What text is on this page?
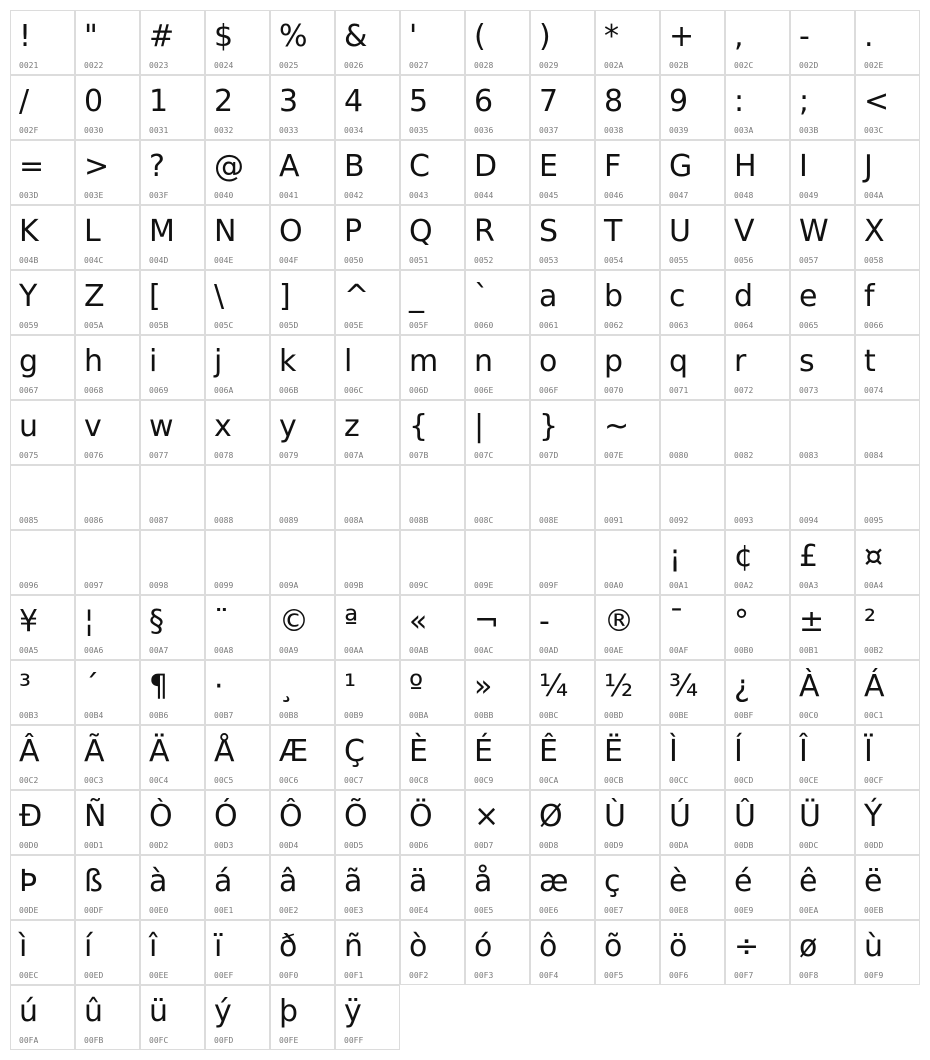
!
0021
"
0022
#
0023
$
0024
%
0025
&
0026
'
0027
(
0028
)
0029
*
002A
+
002B
,
002C
-
002D
.
002E
/
002F
0
0030
1
0031
2
0032
3
0033
4
0034
5
0035
6
0036
7
0037
8
0038
9
0039
:
003A
;
003B
<
003C
=
003D
>
003E
?
003F
@
0040
A
0041
B
0042
C
0043
D
0044
E
0045
F
0046
G
0047
H
0048
I
0049
J
004A
K
004B
L
004C
M
004D
N
004E
O
004F
P
0050
Q
0051
R
0052
S
0053
T
0054
U
0055
V
0056
W
0057
X
0058
Y
0059
Z
005A
[
005B
\
005C
]
005D
^
005E
_
005F
`
0060
a
0061
b
0062
c
0063
d
0064
e
0065
f
0066
g
0067
h
0068
i
0069
j
006A
k
006B
l
006C
m
006D
n
006E
o
006F
p
0070
q
0071
r
0072
s
0073
t
0074
u
0075
v
0076
w
0077
x
0078
y
0079
z
007A
{
007B
|
007C
}
007D
~
007E	0080	0082	0083	0084
0085	0086	0087	0088	0089	008A	008B	008C	008E	0091	0092	0093	0094	0095
0096	0097	0098	0099	009A	009B	009C	009E	009F	00A0
¡
00A1
¢
00A2
£
00A3
¤
00A4
¥
00A5
¦
00A6
§
00A7
¨
00A8
©
00A9
ª
00AA
«
00AB
¬
00AC
-
00AD
®
00AE
¯
00AF
°
00B0
±
00B1
²
00B2
³
00B3
´
00B4
¶
00B6
·
00B7
¸
00B8
¹
00B9
º
00BA
»
00BB
¼
00BC
½
00BD
¾
00BE
¿
00BF
À
00C0
Á
00C1
Â
00C2
Ã
00C3
Ä
00C4
Å
00C5
Æ
00C6
Ç
00C7
È
00C8
É
00C9
Ê
00CA
Ë
00CB
Ì
00CC
Í
00CD
Î
00CE
Ï
00CF
Đ
00D0
Ñ
00D1
Ò
00D2
Ó
00D3
Ô
00D4
Õ
00D5
Ö
00D6
×
00D7
Ø
00D8
Ù
00D9
Ú
00DA
Û
00DB
Ü
00DC
Ý
00DD
Þ
00DE
ß
00DF
à
00E0
á
00E1
â
00E2
ã
00E3
ä
00E4
å
00E5
æ
00E6
ç
00E7
è
00E8
é
00E9
ê
00EA
ë
00EB
ì
00EC
í
00ED
î
00EE
ï
00EF
ð
00F0
ñ
00F1
ò
00F2
ó
00F3
ô
00F4
õ
00F5
ö
00F6
÷
00F7
ø
00F8
ù
00F9
ú
00FA
û
00FB
ü
00FC
ý
00FD
þ
00FE
ÿ
00FF
